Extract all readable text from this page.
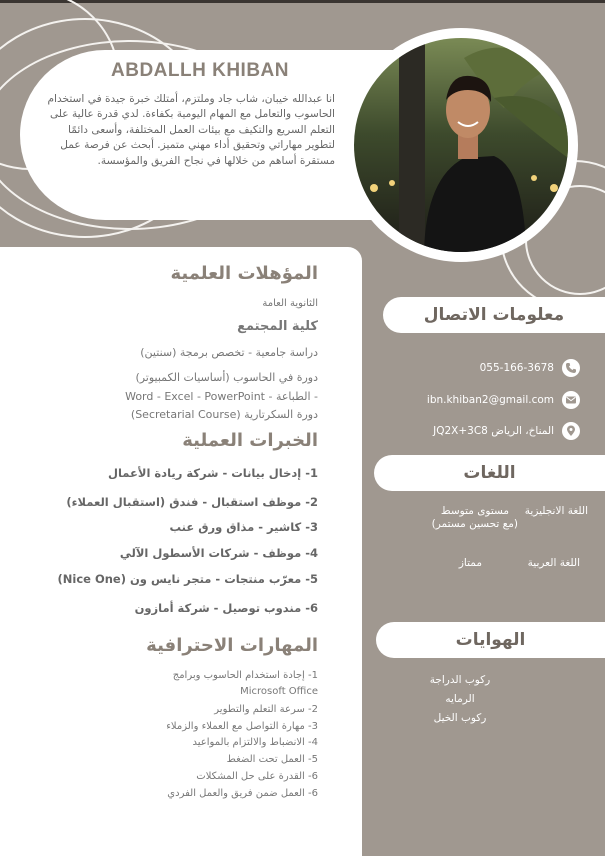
ABDALLH KHIBAN
انا عبدالله خيبان، شاب جاد وملتزم، أمتلك خبرة جيدة في استخدام الحاسوب والتعامل مع المهام اليومية بكفاءة. لدي قدرة عالية على التعلم السريع والتكيف مع بيئات العمل المختلفة، وأسعى دائمًا لتطوير مهاراتي وتحقيق أداء مهني متميز. أبحث عن فرصة عمل مستقرة أساهم من خلالها في نجاح الفريق والمؤسسة.
المؤهلات العلمية
الثانوية العامة
كلية المجتمع
دراسة جامعية - تخصص برمجة (سنتين)
دورة في الحاسوب (أساسيات الكمبيوتر)
- الطباعة - Word - Excel - PowerPoint
دورة السكرتارية (Secretarial Course)
الخبرات العملية
1- إدخال بيانات - شركة ريادة الأعمال
2- موظف استقبال - فندق (استقبال العملاء)
3- كاشير - مذاق ورق عنب
4- موظف - شركات الأسطول الآلي
5- معرّب منتجات - متجر نايس ون (Nice One)
6- مندوب توصيل - شركة أمازون
المهارات الاحترافية
1- إجادة استخدام الحاسوب وبرامج
Microsoft Office
2- سرعة التعلم والتطوير
3- مهارة التواصل مع العملاء والزملاء
4- الانضباط والالتزام بالمواعيد
5- العمل تحت الضغط
6- القدرة على حل المشكلات
6- العمل ضمن فريق والعمل الفردي
معلومات الاتصال
055-166-3678
ibn.khiban2@gmail.com
JQ2X+3C8 المناخ، الرياض
اللغات
اللغة الانجليزية
مستوى متوسط
(مع تحسين مستمر)
اللغة العربية
ممتاز
الهوايات
ركوب الدراجة
الرمايه
ركوب الخيل
